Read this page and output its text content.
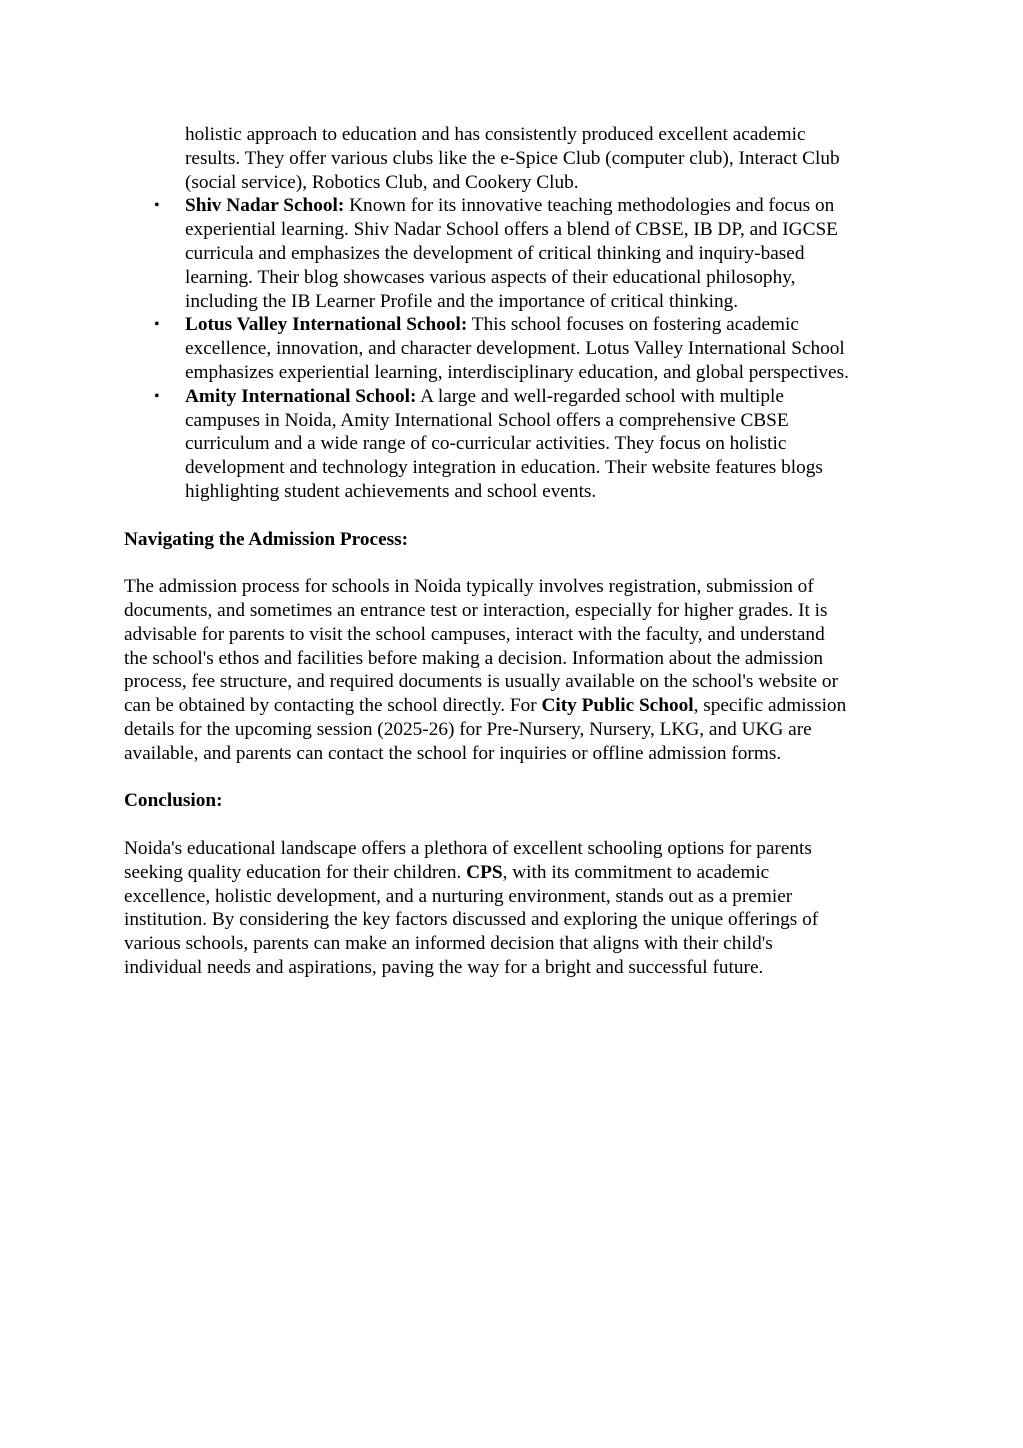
holistic approach to education and has consistently produced excellent academic
results. They offer various clubs like the e-Spice Club (computer club), Interact Club
(social service), Robotics Club, and Cookery Club.
• Shiv Nadar School: Known for its innovative teaching methodologies and focus on
experiential learning. Shiv Nadar School offers a blend of CBSE, IB DP, and IGCSE
curricula and emphasizes the development of critical thinking and inquiry-based
learning. Their blog showcases various aspects of their educational philosophy,
including the IB Learner Profile and the importance of critical thinking.
• Lotus Valley International School: This school focuses on fostering academic
excellence, innovation, and character development. Lotus Valley International School
emphasizes experiential learning, interdisciplinary education, and global perspectives.
• Amity International School: A large and well-regarded school with multiple
campuses in Noida, Amity International School offers a comprehensive CBSE
curriculum and a wide range of co-curricular activities. They focus on holistic
development and technology integration in education. Their website features blogs
highlighting student achievements and school events.

Navigating the Admission Process:

The admission process for schools in Noida typically involves registration, submission of
documents, and sometimes an entrance test or interaction, especially for higher grades. It is
advisable for parents to visit the school campuses, interact with the faculty, and understand
the school's ethos and facilities before making a decision. Information about the admission
process, fee structure, and required documents is usually available on the school's website or
can be obtained by contacting the school directly. For City Public School, specific admission
details for the upcoming session (2025-26) for Pre-Nursery, Nursery, LKG, and UKG are
available, and parents can contact the school for inquiries or offline admission forms.

Conclusion:

Noida's educational landscape offers a plethora of excellent schooling options for parents
seeking quality education for their children. CPS, with its commitment to academic
excellence, holistic development, and a nurturing environment, stands out as a premier
institution. By considering the key factors discussed and exploring the unique offerings of
various schools, parents can make an informed decision that aligns with their child's
individual needs and aspirations, paving the way for a bright and successful future.
